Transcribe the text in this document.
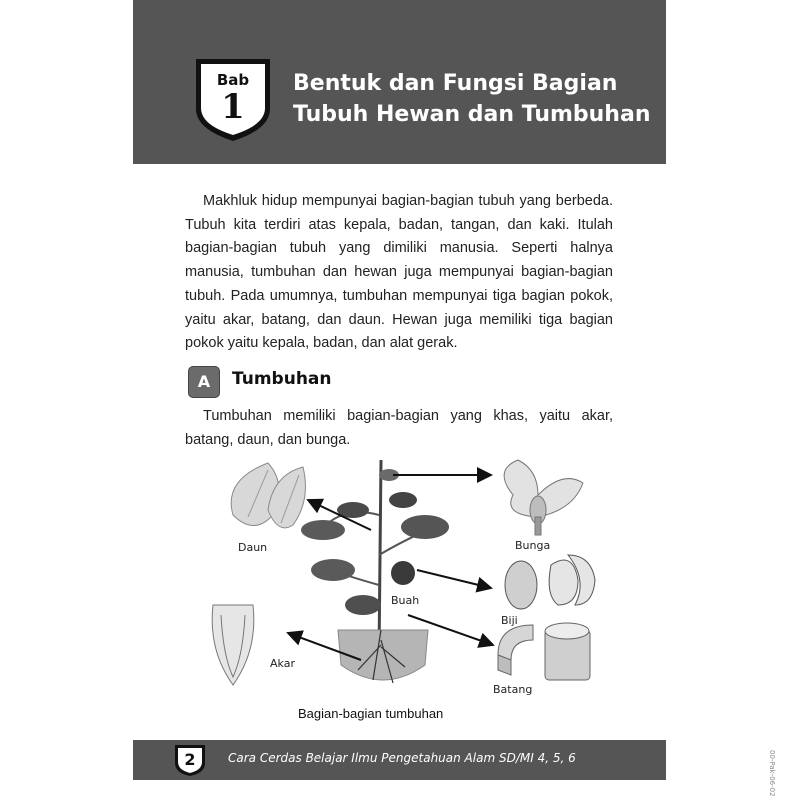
Bab
1
Bentuk dan Fungsi Bagian
Tubuh Hewan dan Tumbuhan

Makhluk hidup mempunyai bagian-bagian tubuh yang berbeda. Tubuh kita terdiri atas kepala, badan, tangan, dan kaki. Itulah bagian-bagian tubuh yang dimiliki manusia. Seperti halnya manusia, tumbuhan dan hewan juga mempunyai bagian-bagian tubuh. Pada umumnya, tumbuhan mempunyai tiga bagian pokok, yaitu akar, batang, dan daun. Hewan juga memiliki tiga bagian pokok yaitu kepala, badan, dan alat gerak.

A	Tumbuhan

Tumbuhan memiliki bagian-bagian yang khas, yaitu akar, batang, daun, dan bunga.

Daun	Bunga
Buah
Biji
Akar
Batang
Bagian-bagian tumbuhan
2	Cara Cerdas Belajar Ilmu Pengetahuan Alam SD/MI 4, 5, 6	00-Pak-06-02
